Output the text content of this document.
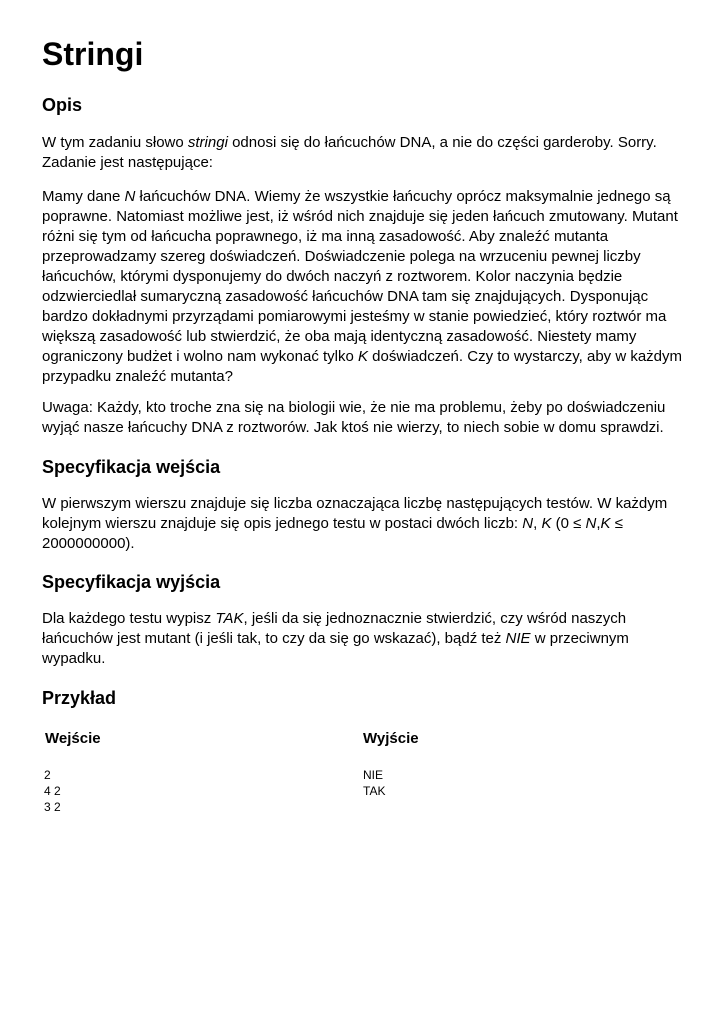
Stringi
Opis
W tym zadaniu słowo stringi odnosi się do łańcuchów DNA, a nie do części garderoby. Sorry.
Zadanie jest następujące:
Mamy dane N łańcuchów DNA. Wiemy że wszystkie łańcuchy oprócz maksymalnie jednego są
poprawne. Natomiast możliwe jest, iż wśród nich znajduje się jeden łańcuch zmutowany. Mutant
różni się tym od łańcucha poprawnego, iż ma inną zasadowość. Aby znaleźć mutanta
przeprowadzamy szereg doświadczeń. Doświadczenie polega na wrzuceniu pewnej liczby
łańcuchów, którymi dysponujemy do dwóch naczyń z roztworem. Kolor naczynia będzie
odzwierciedlał sumaryczną zasadowość łańcuchów DNA tam się znajdujących. Dysponując
bardzo dokładnymi przyrządami pomiarowymi jesteśmy w stanie powiedzieć, który roztwór ma
większą zasadowość lub stwierdzić, że oba mają identyczną zasadowość. Niestety mamy
ograniczony budżet i wolno nam wykonać tylko K doświadczeń. Czy to wystarczy, aby w każdym
przypadku znaleźć mutanta?
Uwaga: Każdy, kto troche zna się na biologii wie, że nie ma problemu, żeby po doświadczeniu
wyjąć nasze łańcuchy DNA z roztworów. Jak ktoś nie wierzy, to niech sobie w domu sprawdzi.
Specyfikacja wejścia
W pierwszym wierszu znajduje się liczba oznaczająca liczbę następujących testów. W każdym
kolejnym wierszu znajduje się opis jednego testu w postaci dwóch liczb: N, K (0 ≤ N,K ≤
2000000000).
Specyfikacja wyjścia
Dla każdego testu wypisz TAK, jeśli da się jednoznacznie stwierdzić, czy wśród naszych
łańcuchów jest mutant (i jeśli tak, to czy da się go wskazać), bądź też NIE w przeciwnym
wypadku.
Przykład
Wejście	Wyjście
2
4 2
3 2
NIE
TAK
